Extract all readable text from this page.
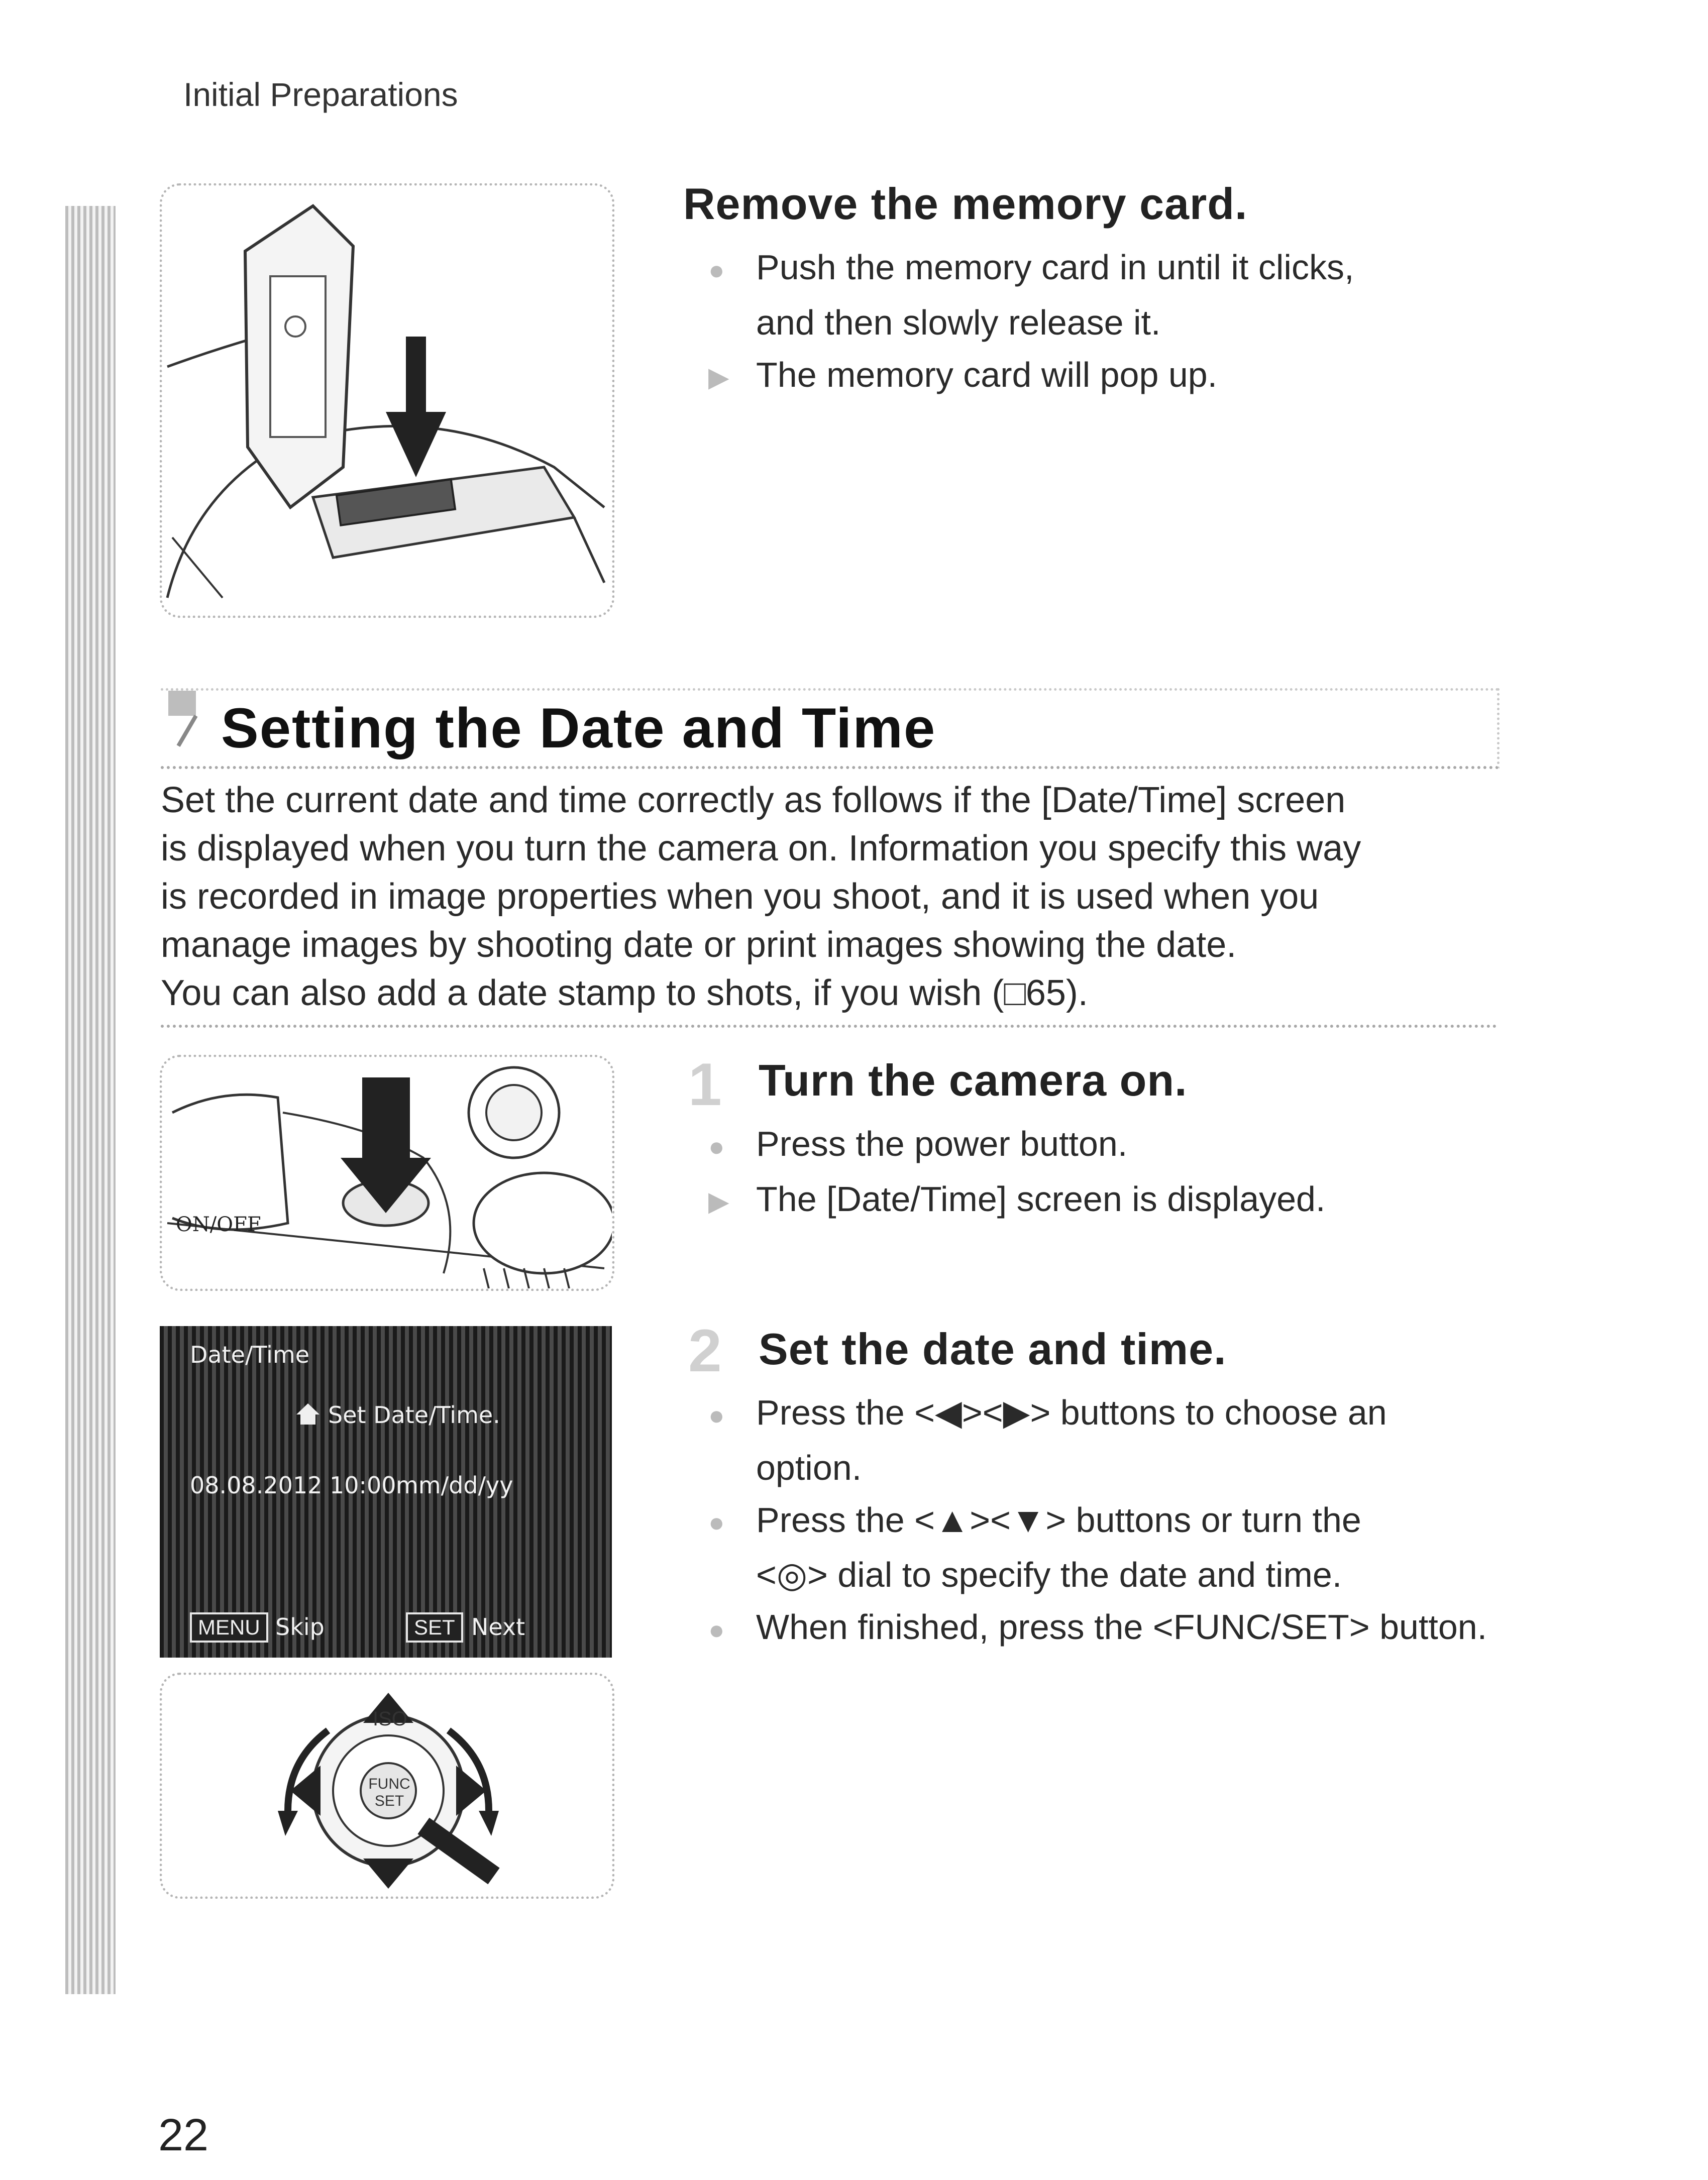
Initial Preparations
Remove the memory card.
● Push the memory card in until it clicks,
and then slowly release it.
▶ The memory card will pop up.
Setting the Date and Time
Set the current date and time correctly as follows if the [Date/Time] screen
is displayed when you turn the camera on. Information you specify this way
is recorded in image properties when you shoot, and it is used when you
manage images by shooting date or print images showing the date.
You can also add a date stamp to shots, if you wish (□65).
ON/OFF
1 Turn the camera on.
● Press the power button.
▶ The [Date/Time] screen is displayed.
Date/Time
Set Date/Time.
08.08.2012 10:00 mm/dd/yy
MENU Skip	SET Next
ISO
FUNC SET
2 Set the date and time.
● Press the <◀><▶> buttons to choose an
option.
● Press the <▲><▼> buttons or turn the
<◎> dial to specify the date and time.
● When finished, press the <FUNC/SET> button.
22
